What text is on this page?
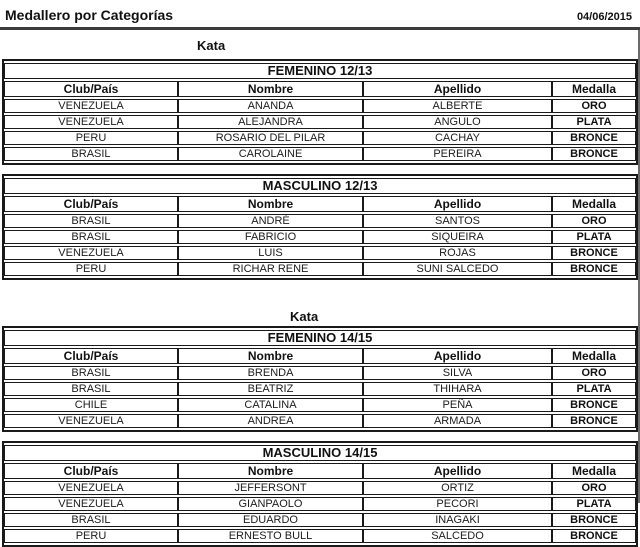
Medallero por Categorías	04/06/2015
Kata
FEMENINO 12/13			
Club/País	Nombre	Apellido	Medalla
VENEZUELA	ANANDA	ALBERTE	ORO
VENEZUELA	ALEJANDRA	ANGULO	PLATA
PERU	ROSARIO DEL PILAR	CACHAY	BRONCE
BRASIL	CAROLAINE	PEREIRA	BRONCE
MASCULINO 12/13			
Club/País	Nombre	Apellido	Medalla
BRASIL	ANDRÉ	SANTOS	ORO
BRASIL	FABRICIO	SIQUEIRA	PLATA
VENEZUELA	LUIS	ROJAS	BRONCE
PERU	RICHAR RENE	SUNI SALCEDO	BRONCE
Kata
FEMENINO 14/15			
Club/País	Nombre	Apellido	Medalla
BRASIL	BRENDA	SILVA	ORO
BRASIL	BEATRIZ	THIHARA	PLATA
CHILE	CATALINA	PEÑA	BRONCE
VENEZUELA	ANDREA	ARMADA	BRONCE
MASCULINO 14/15			
Club/País	Nombre	Apellido	Medalla
VENEZUELA	JEFFERSONT	ORTIZ	ORO
VENEZUELA	GIANPAOLO	PECORI	PLATA
BRASIL	EDUARDO	INAGAKI	BRONCE
PERU	ERNESTO BULL	SALCEDO	BRONCE
